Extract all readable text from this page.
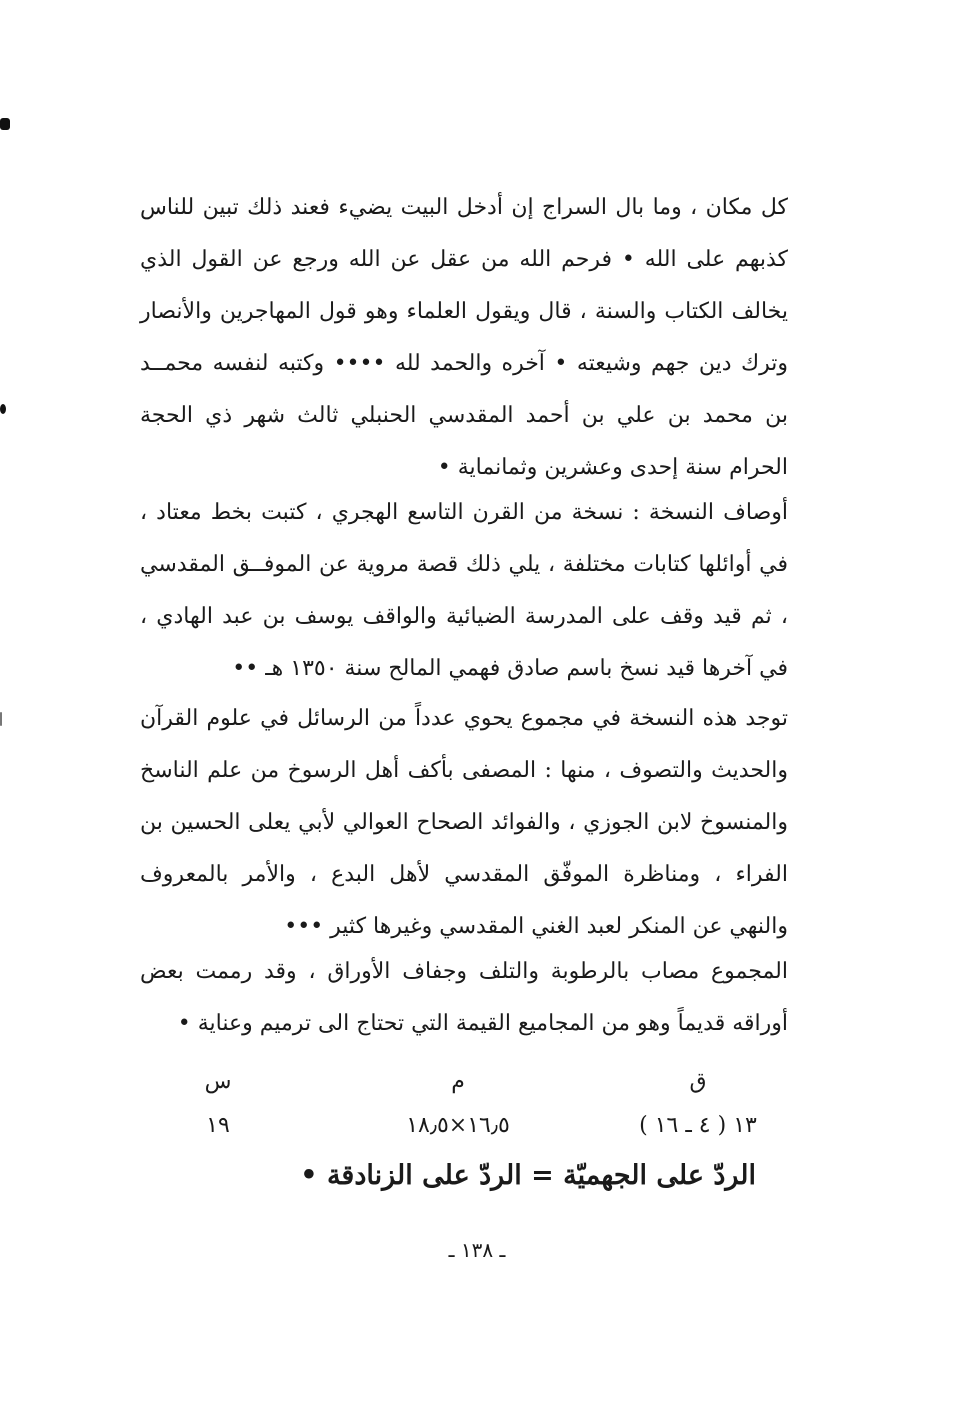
كل مكان ، وما بال السراج إن أدخل البيت يضيء فعند ذلك تبين للناس كذبهم على الله • فرحم الله من عقل عن الله ورجع عن القول الذي يخالف الكتاب والسنة ، قال ويقول العلماء وهو قول المهاجرين والأنصار وترك دين جهم وشيعته • آخره والحمد لله •••• وكتبه لنفسه محمــد بن محمد بن علي بن أحمد المقدسي الحنبلي ثالث شهر ذي الحجة الحرام سنة إحدى وعشرين وثمانماية •

أوصاف النسخة : نسخة من القرن التاسع الهجري ، كتبت بخط معتاد ، في أوائلها كتابات مختلفة ، يلي ذلك قصة مروية عن الموفــق المقدسي ، ثم قيد وقف على المدرسة الضيائية والواقف يوسف بن عبد الهادي ، في آخرها قيد نسخ باسم صادق فهمي المالح سنة ١٣٥٠ هـ ••

توجد هذه النسخة في مجموع يحوي عدداً من الرسائل في علوم القرآن والحديث والتصوف ، منها : المصفى بأكف أهل الرسوخ من علم الناسخ والمنسوخ لابن الجوزي ، والفوائد الصحاح العوالي لأبي يعلى الحسين بن الفراء ، ومناظرة الموفّق المقدسي لأهل البدع ، والأمر بالمعروف والنهي عن المنكر لعبد الغني المقدسي وغيرها كثير •••

المجموع مصاب بالرطوبة والتلف وجفاف الأوراق ، وقد رممت بعض أوراقه قديماً وهو من المجاميع القيمة التي تحتاج الى ترميم وعناية •

ق
م
س
١٣ ( ٤ ـ ١٦ )
١٦٫٥×١٨٫٥
١٩
الردّ على الجهميّة = الردّ على الزنادقة •
ـ ١٣٨ ـ
